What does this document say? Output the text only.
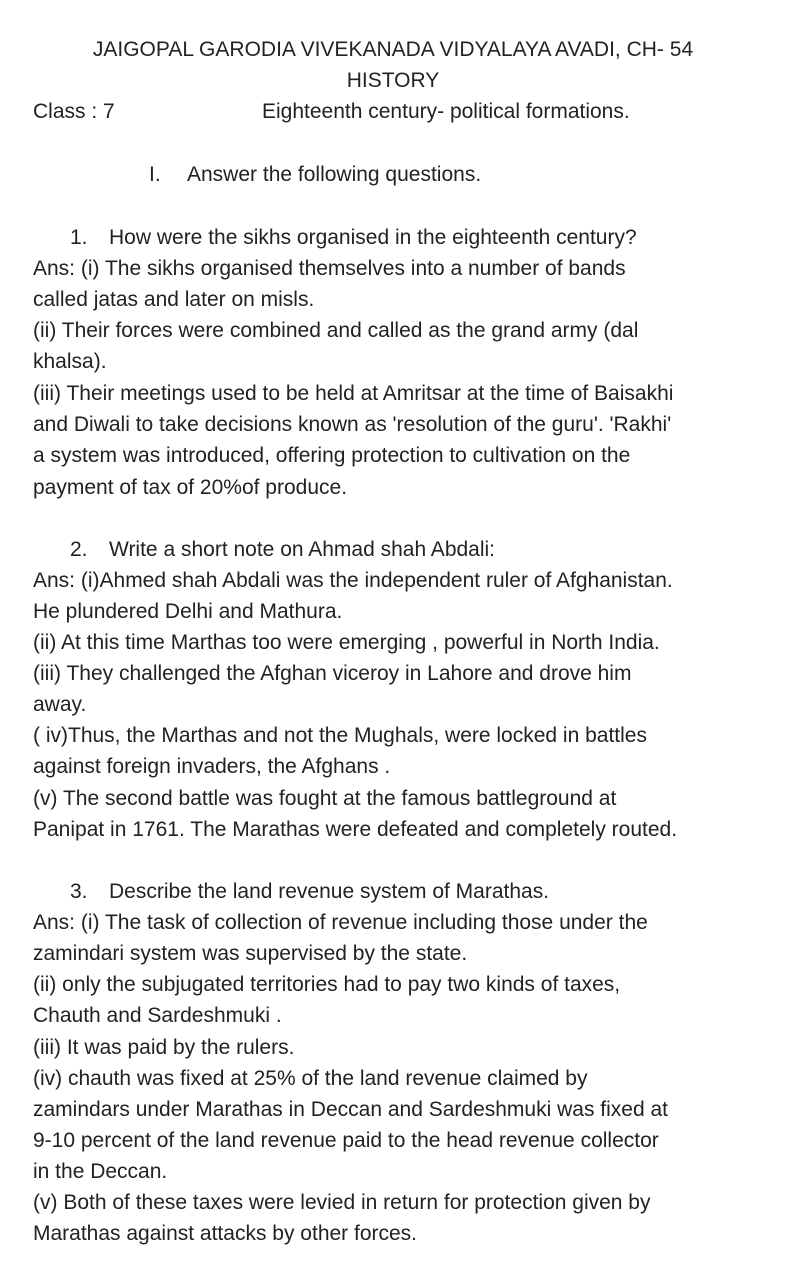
JAIGOPAL GARODIA VIVEKANADA VIDYALAYA AVADI, CH- 54
HISTORY
Class : 7	Eighteenth century- political formations.
I. Answer the following questions.
1. How were the sikhs organised in the eighteenth century?
Ans: (i) The sikhs organised themselves into a number of bands
called jatas and later on misls.
(ii) Their forces were combined and called as the grand army (dal
khalsa).
(iii) Their meetings used to be held at Amritsar at the time of Baisakhi
and Diwali to take decisions known as 'resolution of the guru'. 'Rakhi'
a system was introduced, offering protection to cultivation on the
payment of tax of 20%of produce.
2. Write a short note on Ahmad shah Abdali:
Ans: (i)Ahmed shah Abdali was the independent ruler of Afghanistan.
He plundered Delhi and Mathura.
(ii) At this time Marthas too were emerging , powerful in North India.
(iii) They challenged the Afghan viceroy in Lahore and drove him
away.
( iv)Thus, the Marthas and not the Mughals, were locked in battles
against foreign invaders, the Afghans .
(v) The second battle was fought at the famous battleground at
Panipat in 1761. The Marathas were defeated and completely routed.
3. Describe the land revenue system of Marathas.
Ans: (i) The task of collection of revenue including those under the
zamindari system was supervised by the state.
(ii) only the subjugated territories had to pay two kinds of taxes,
Chauth and Sardeshmuki .
(iii) It was paid by the rulers.
(iv) chauth was fixed at 25% of the land revenue claimed by
zamindars under Marathas in Deccan and Sardeshmuki was fixed at
9-10 percent of the land revenue paid to the head revenue collector
in the Deccan.
(v) Both of these taxes were levied in return for protection given by
Marathas against attacks by other forces.
